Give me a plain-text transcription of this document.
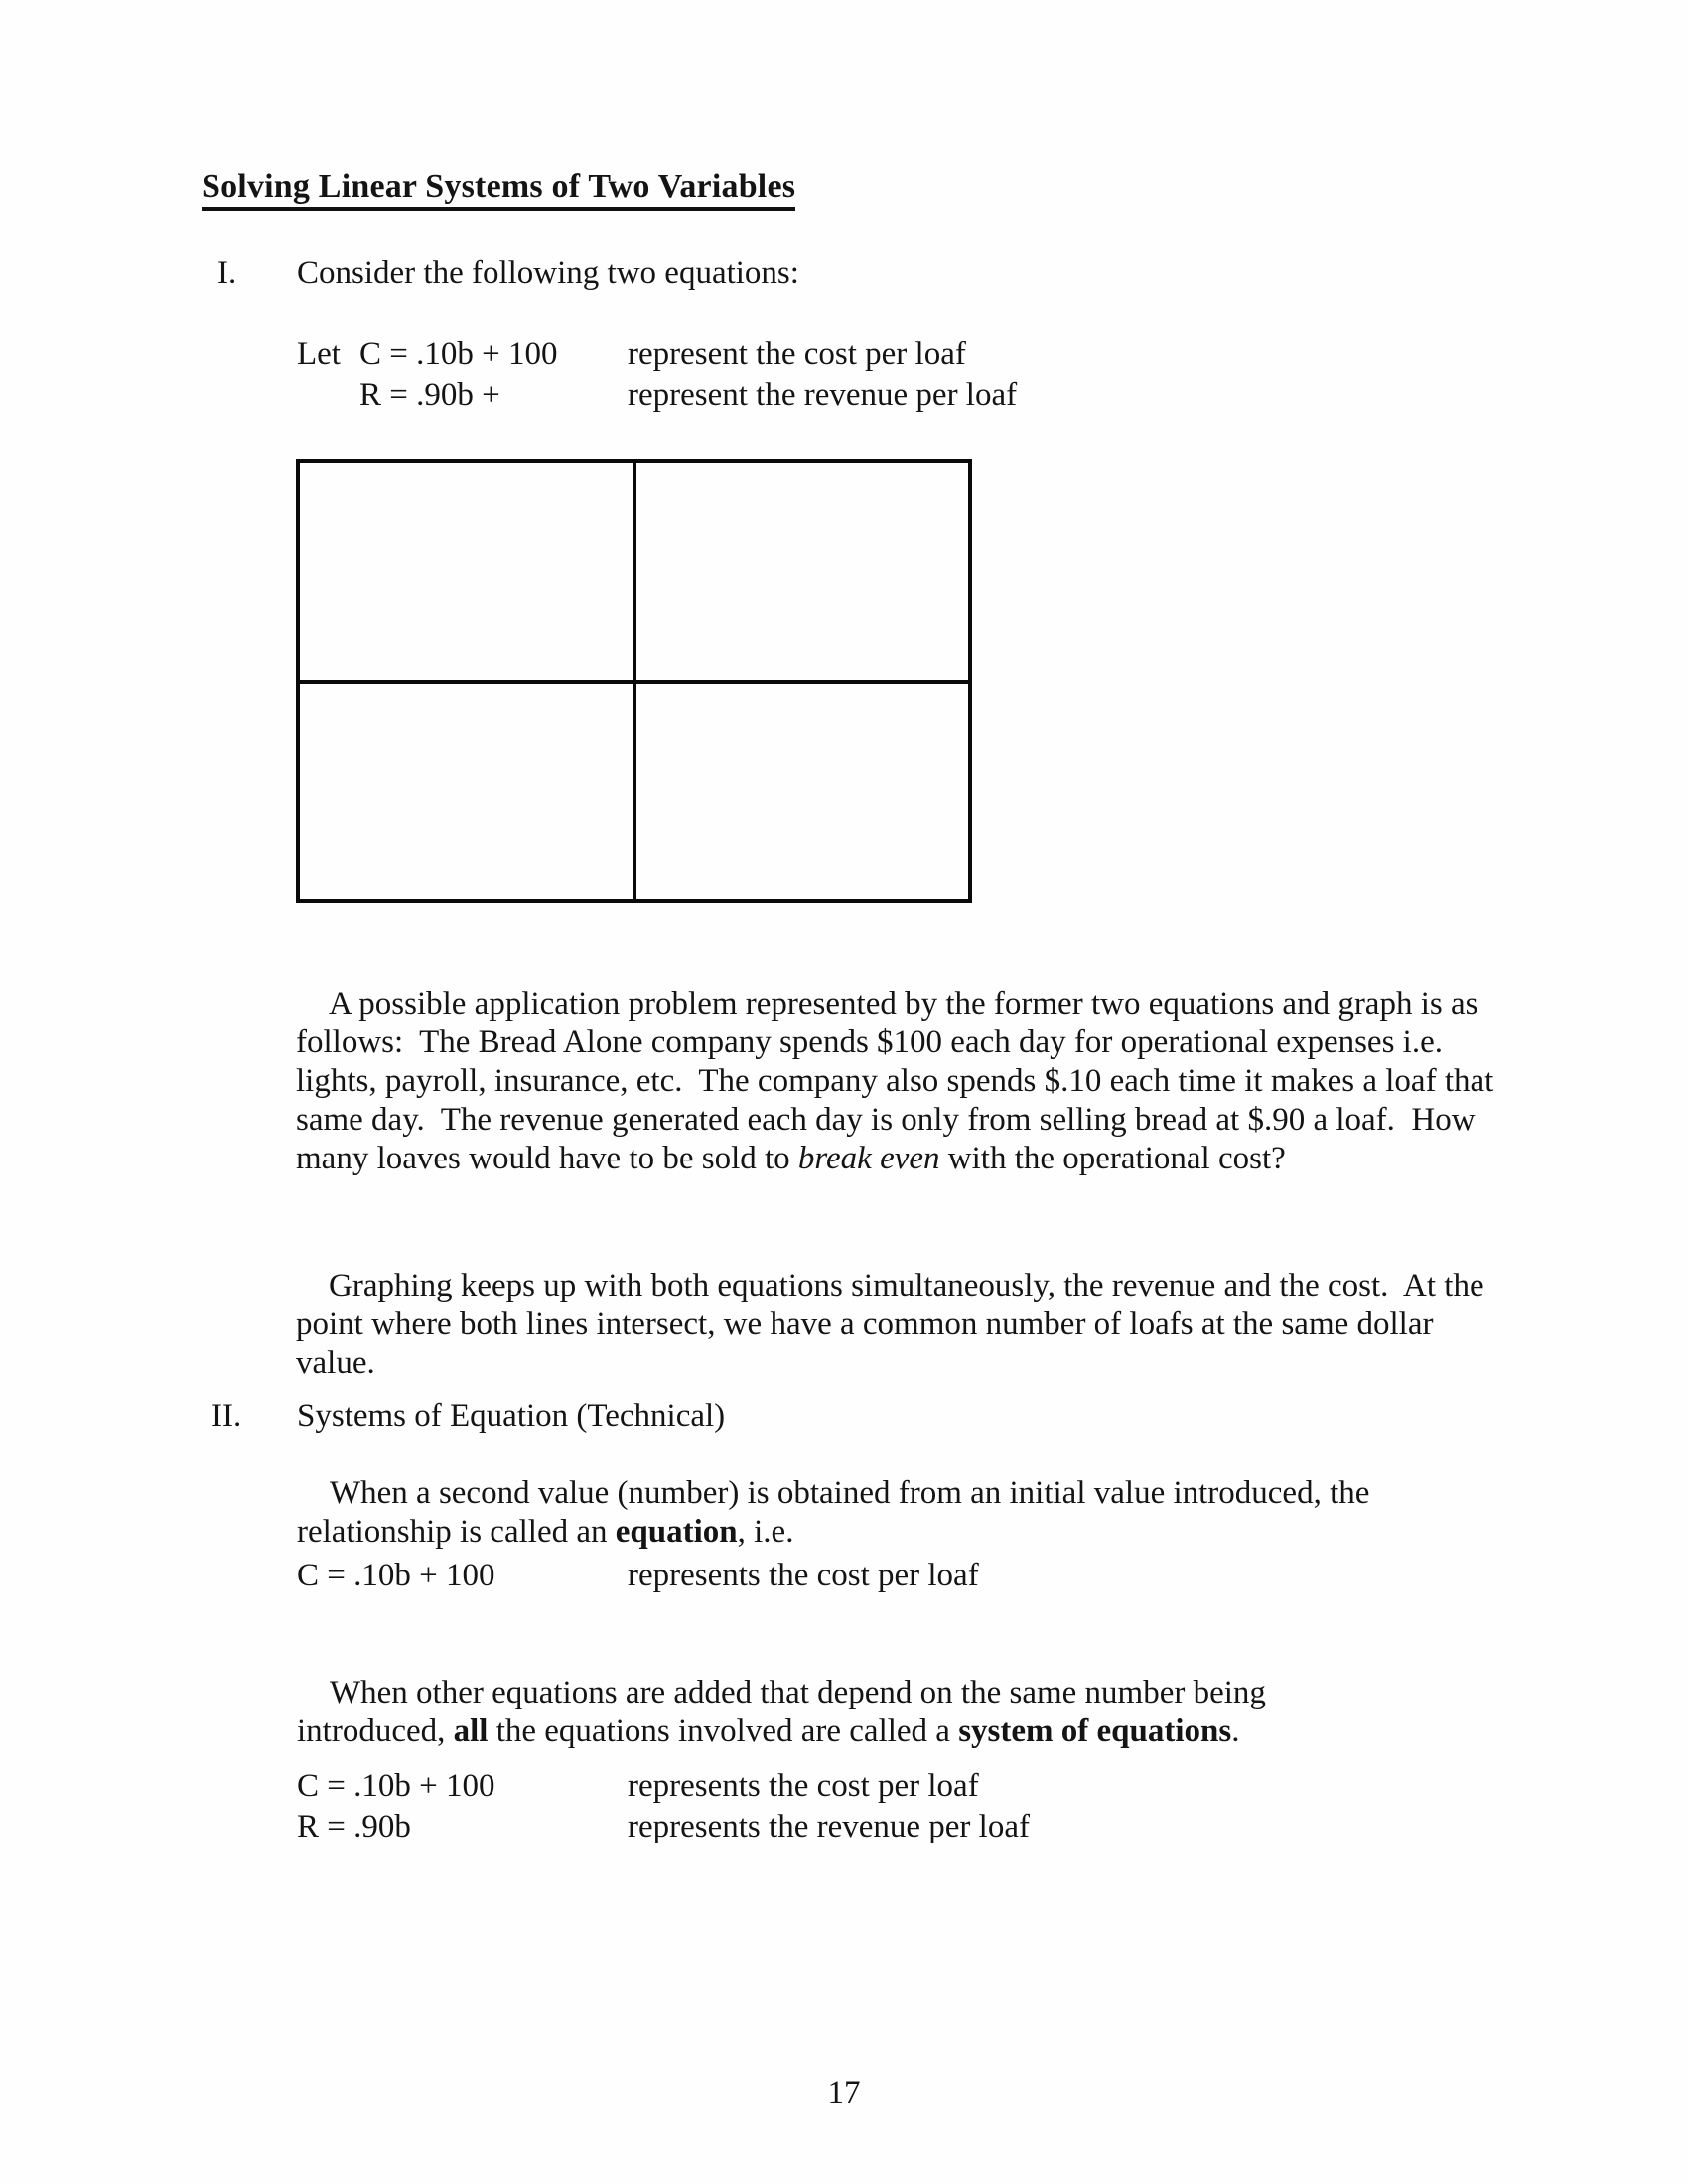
Solving Linear Systems of Two Variables
I. Consider the following two equations:
Let C = .10b + 100	represent the cost per loaf
R = .90b +	represent the revenue per loaf

A possible application problem represented by the former two equations and graph is as follows:  The Bread Alone company spends $100 each day for operational expenses i.e. lights, payroll, insurance, etc.  The company also spends $.10 each time it makes a loaf that same day.  The revenue generated each day is only from selling bread at $.90 a loaf.  How many loaves would have to be sold to break even with the operational cost?

Graphing keeps up with both equations simultaneously, the revenue and the cost.  At the point where both lines intersect, we have a common number of loafs at the same dollar value.

II. Systems of Equation (Technical)

When a second value (number) is obtained from an initial value introduced, the relationship is called an equation, i.e.

C = .10b + 100	represents the cost per loaf

When other equations are added that depend on the same number being introduced, all the equations involved are called a system of equations.

C = .10b + 100	represents the cost per loaf
R = .90b	represents the revenue per loaf
17
